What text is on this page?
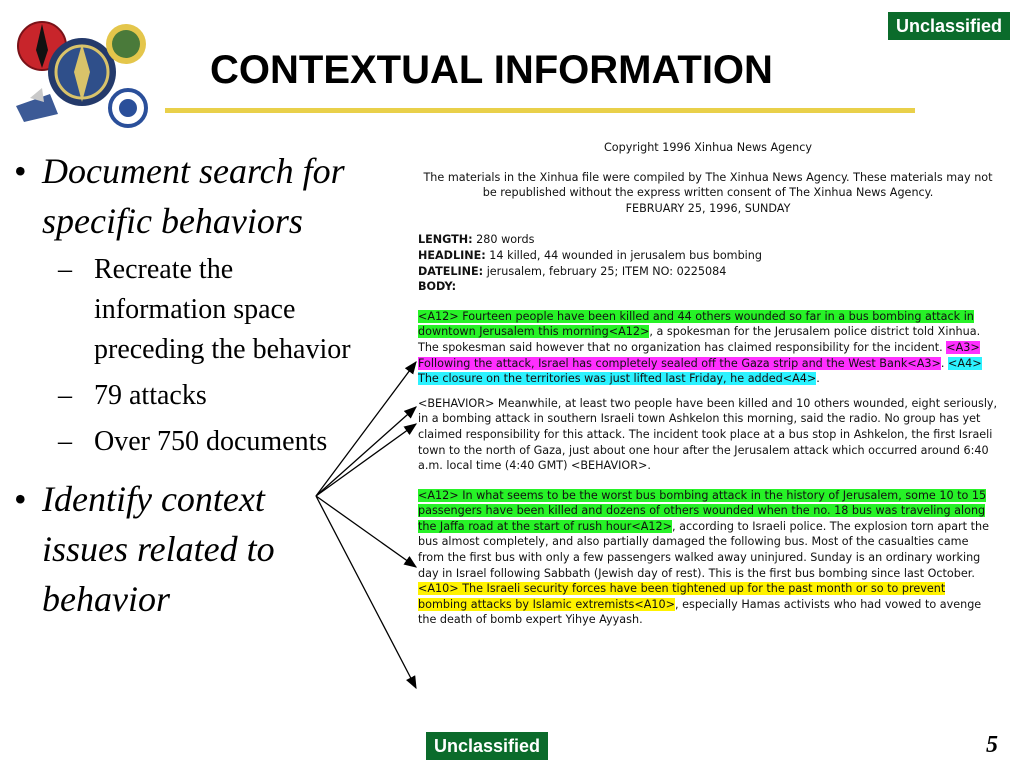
Unclassified
CONTEXTUAL INFORMATION
• Document search for specific behaviors
– Recreate the information space preceding the behavior
– 79 attacks
– Over 750 documents
• Identify context issues related to behavior
Copyright 1996 Xinhua News Agency
The materials in the Xinhua file were compiled by The Xinhua News Agency. These materials may not be republished without the express written consent of The Xinhua News Agency.
FEBRUARY 25, 1996, SUNDAY
LENGTH: 280 words
HEADLINE: 14 killed, 44 wounded in jerusalem bus bombing
DATELINE: jerusalem, february 25; ITEM NO: 0225084
BODY:
<A12> Fourteen people have been killed and 44 others wounded so far in a bus bombing attack in downtown Jerusalem this morning<A12>, a spokesman for the Jerusalem police district told Xinhua. The spokesman said however that no organization has claimed responsibility for the incident. <A3> Following the attack, Israel has completely sealed off the Gaza strip and the West Bank<A3>. <A4> The closure on the territories was just lifted last Friday, he added<A4>.
<BEHAVIOR> Meanwhile, at least two people have been killed and 10 others wounded, eight seriously, in a bombing attack in southern Israeli town Ashkelon this morning, said the radio. No group has yet claimed responsibility for this attack. The incident took place at a bus stop in Ashkelon, the first Israeli town to the north of Gaza, just about one hour after the Jerusalem attack which occurred around 6:40 a.m. local time (4:40 GMT) <BEHAVIOR>.
<A12> In what seems to be the worst bus bombing attack in the history of Jerusalem, some 10 to 15 passengers have been killed and dozens of others wounded when the no. 18 bus was traveling along the Jaffa road at the start of rush hour<A12>, according to Israeli police. The explosion torn apart the bus almost completely, and also partially damaged the following bus. Most of the casualties came from the first bus with only a few passengers walked away uninjured. Sunday is an ordinary working day in Israel following Sabbath (Jewish day of rest). This is the first bus bombing since last October. <A10> The Israeli security forces have been tightened up for the past month or so to prevent bombing attacks by Islamic extremists<A10>, especially Hamas activists who had vowed to avenge the death of bomb expert Yihye Ayyash.
Unclassified	5
